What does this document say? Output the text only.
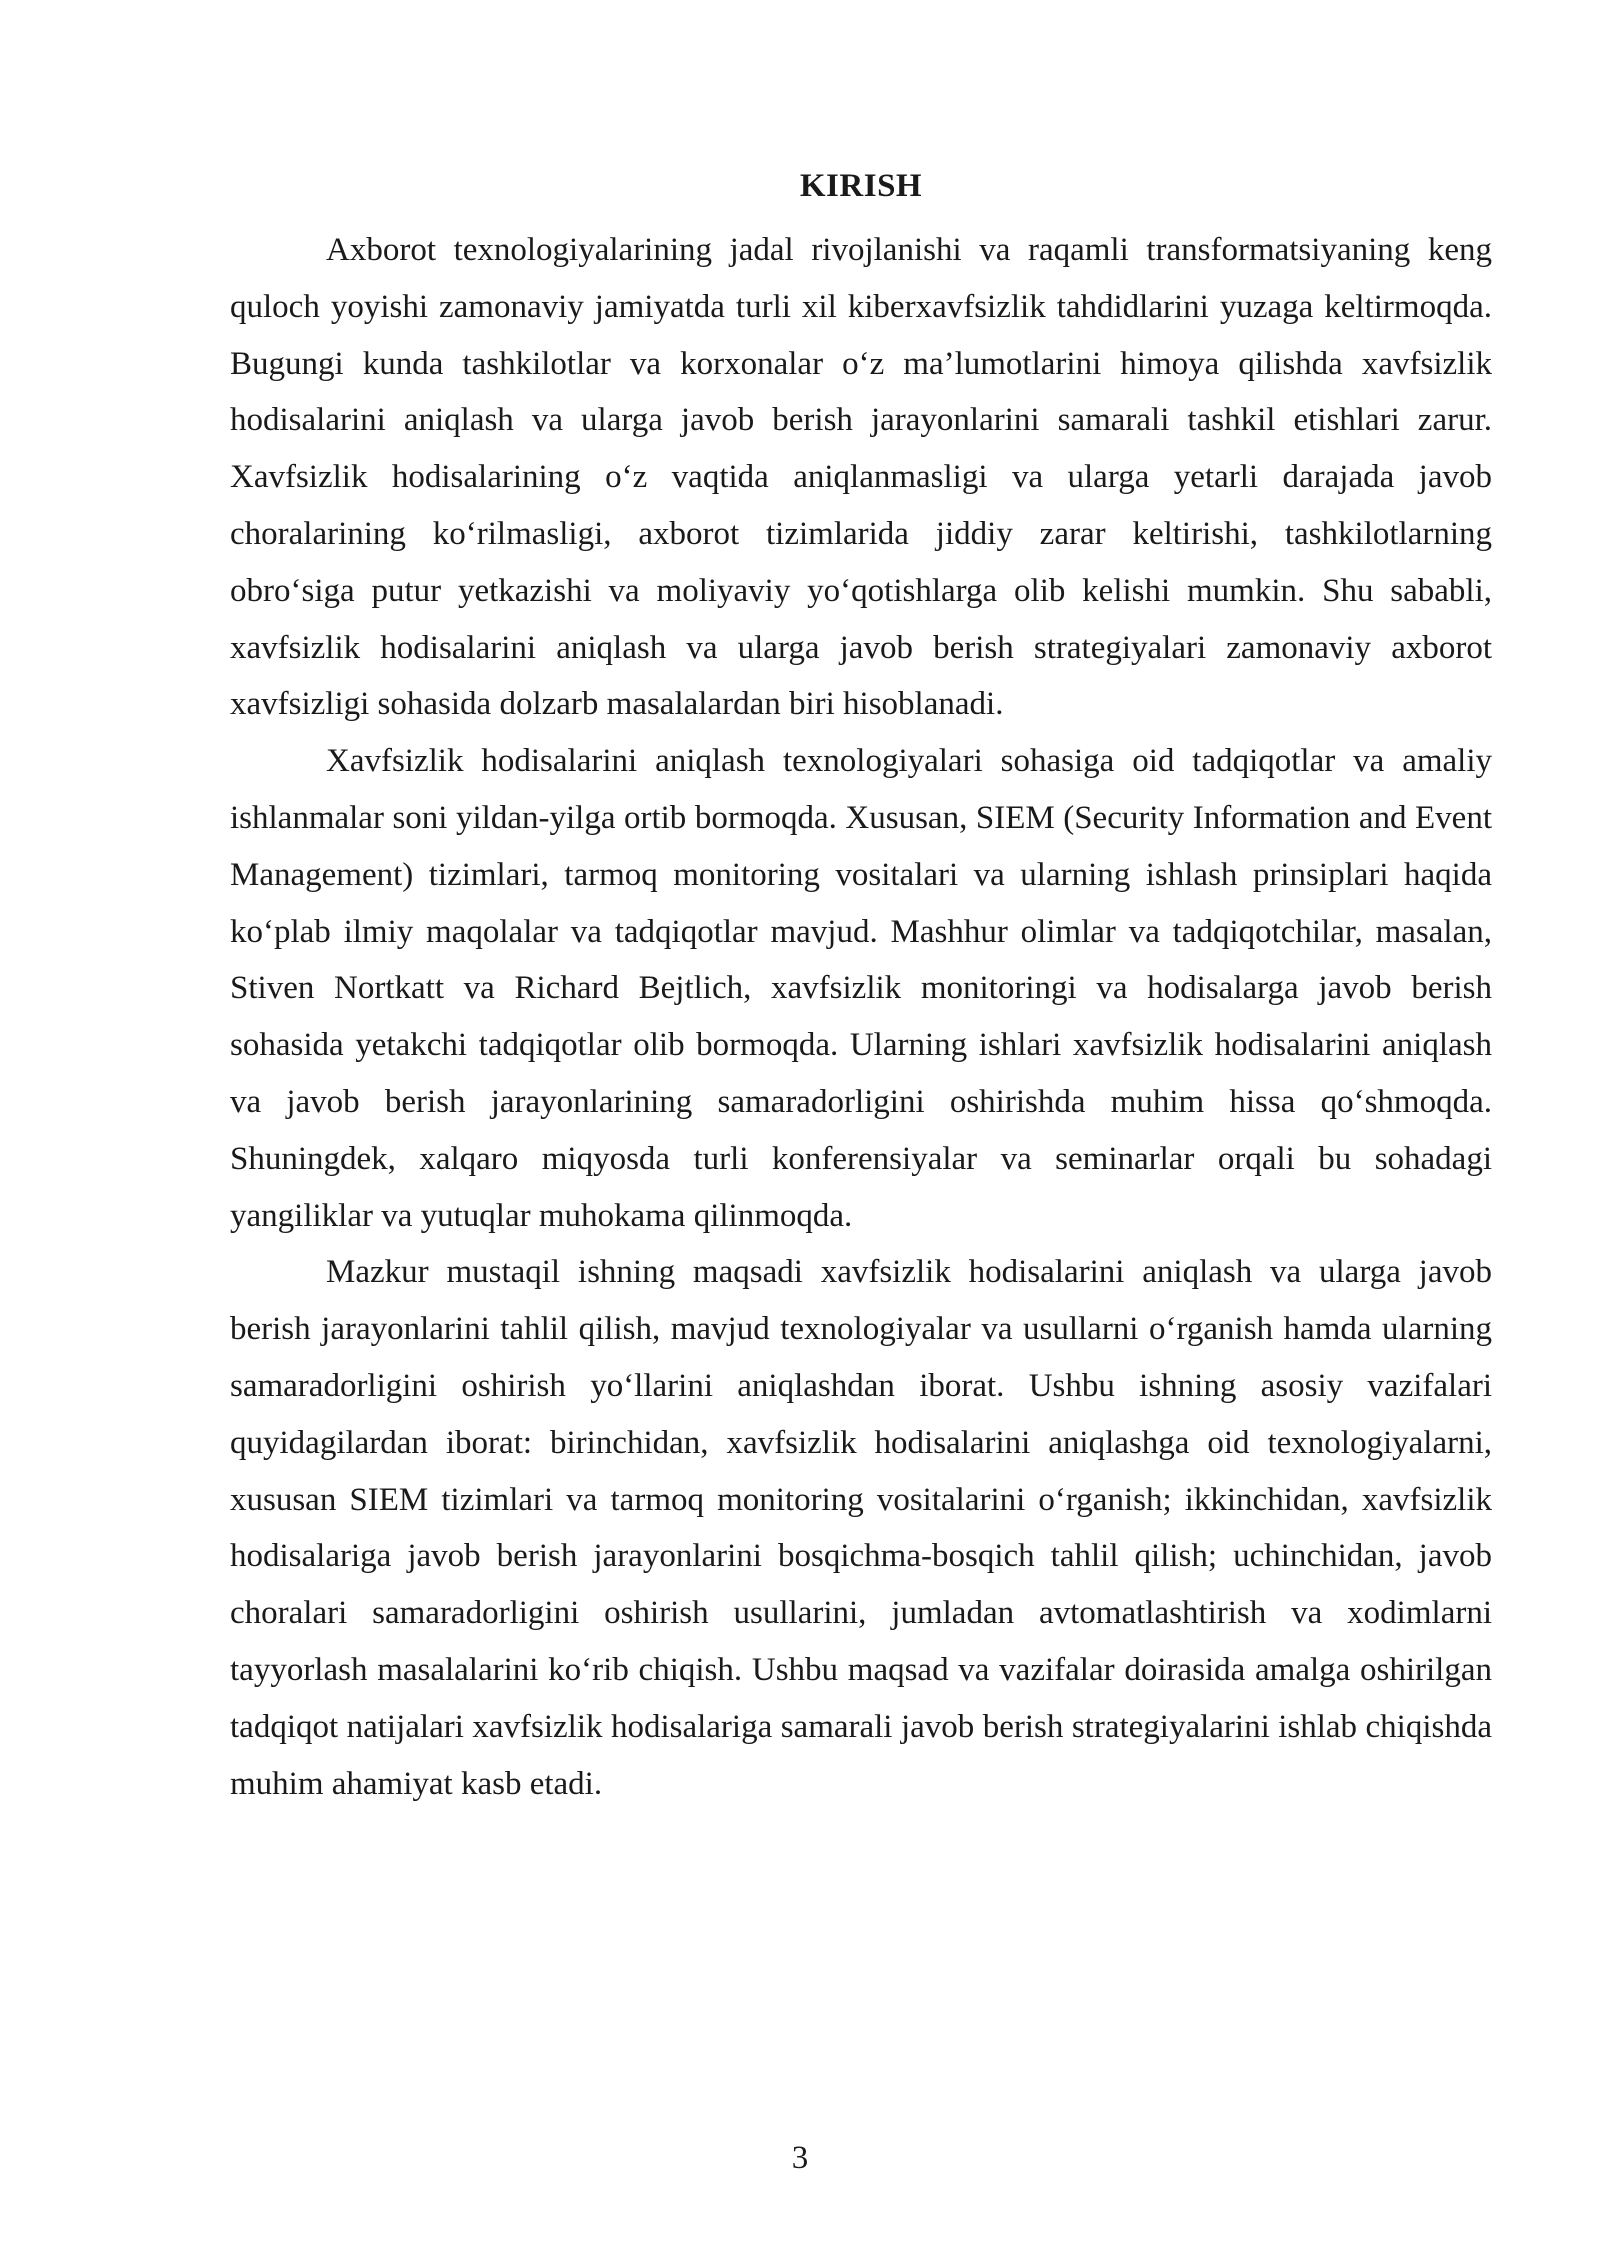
KIRISH

Axborot texnologiyalarining jadal rivojlanishi va raqamli transformatsiyaning keng quloch yoyishi zamonaviy jamiyatda turli xil kiberxavfsizlik tahdidlarini yuzaga keltirmoqda. Bugungi kunda tashkilotlar va korxonalar o‘z ma’lumotlarini himoya qilishda xavfsizlik hodisalarini aniqlash va ularga javob berish jarayonlarini samarali tashkil etishlari zarur. Xavfsizlik hodisalarining o‘z vaqtida aniqlanmasligi va ularga yetarli darajada javob choralarining ko‘rilmasligi, axborot tizimlarida jiddiy zarar keltirishi, tashkilotlarning obro‘siga putur yetkazishi va moliyaviy yo‘qotishlarga olib kelishi mumkin. Shu sababli, xavfsizlik hodisalarini aniqlash va ularga javob berish strategiyalari zamonaviy axborot xavfsizligi sohasida dolzarb masalalardan biri hisoblanadi.

Xavfsizlik hodisalarini aniqlash texnologiyalari sohasiga oid tadqiqotlar va amaliy ishlanmalar soni yildan-yilga ortib bormoqda. Xususan, SIEM (Security Information and Event Management) tizimlari, tarmoq monitoring vositalari va ularning ishlash prinsiplari haqida ko‘plab ilmiy maqolalar va tadqiqotlar mavjud. Mashhur olimlar va tadqiqotchilar, masalan, Stiven Nortkatt va Richard Bejtlich, xavfsizlik monitoringi va hodisalarga javob berish sohasida yetakchi tadqiqotlar olib bormoqda. Ularning ishlari xavfsizlik hodisalarini aniqlash va javob berish jarayonlarining samaradorligini oshirishda muhim hissa qo‘shmoqda. Shuningdek, xalqaro miqyosda turli konferensiyalar va seminarlar orqali bu sohadagi yangiliklar va yutuqlar muhokama qilinmoqda.

Mazkur mustaqil ishning maqsadi xavfsizlik hodisalarini aniqlash va ularga javob berish jarayonlarini tahlil qilish, mavjud texnologiyalar va usullarni o‘rganish hamda ularning samaradorligini oshirish yo‘llarini aniqlashdan iborat. Ushbu ishning asosiy vazifalari quyidagilardan iborat: birinchidan, xavfsizlik hodisalarini aniqlashga oid texnologiyalarni, xususan SIEM tizimlari va tarmoq monitoring vositalarini o‘rganish; ikkinchidan, xavfsizlik hodisalariga javob berish jarayonlarini bosqichma-bosqich tahlil qilish; uchinchidan, javob choralari samaradorligini oshirish usullarini, jumladan avtomatlashtirish va xodimlarni tayyorlash masalalarini ko‘rib chiqish. Ushbu maqsad va vazifalar doirasida amalga oshirilgan tadqiqot natijalari xavfsizlik hodisalariga samarali javob berish strategiyalarini ishlab chiqishda muhim ahamiyat kasb etadi.

3
